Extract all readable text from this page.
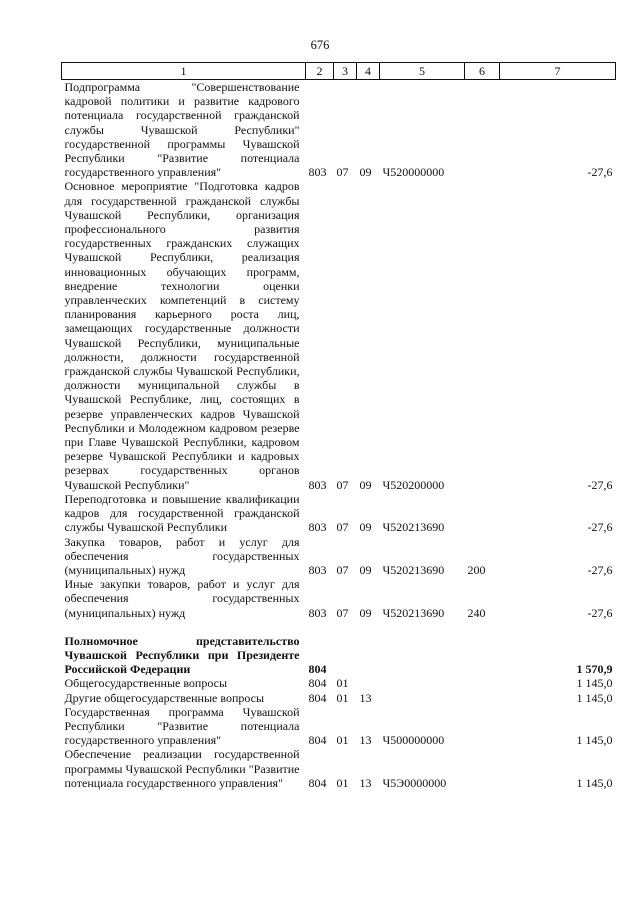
676
1	2	3	4	5	6	7
Подпрограмма "Совершенствование кадровой политики и развитие кадрового потенциала государственной гражданской службы Чувашской Республики" государственной программы Чувашской Республики "Развитие потенциала государственного управления"	803	07	09	Ч520000000		-27,6
Основное мероприятие "Подготовка кадров для государственной гражданской службы Чувашской Республики, организация профессионального развития государственных гражданских служащих Чувашской Республики, реализация инновационных обучающих программ, внедрение технологии оценки управленческих компетенций в систему планирования карьерного роста лиц, замещающих государственные должности Чувашской Республики, муниципальные должности, должности государственной гражданской службы Чувашской Республики, должности муниципальной службы в Чувашской Республике, лиц, состоящих в резерве управленческих кадров Чувашской Республики и Молодежном кадровом резерве при Главе Чувашской Республики, кадровом резерве Чувашской Республики и кадровых резервах государственных органов Чувашской Республики"	803	07	09	Ч520200000		-27,6
Переподготовка и повышение квалификации кадров для государственной гражданской службы Чувашской Республики	803	07	09	Ч520213690		-27,6
Закупка товаров, работ и услуг для обеспечения государственных (муниципальных) нужд	803	07	09	Ч520213690	200	-27,6
Иные закупки товаров, работ и услуг для обеспечения государственных (муниципальных) нужд	803	07	09	Ч520213690	240	-27,6

Полномочное представительство Чувашской Республики при Президенте Российской Федерации	804					1 570,9
Общегосударственные вопросы	804	01				1 145,0
Другие общегосударственные вопросы	804	01	13			1 145,0
Государственная программа Чувашской Республики "Развитие потенциала государственного управления"	804	01	13	Ч500000000		1 145,0
Обеспечение реализации государственной программы Чувашской Республики "Развитие потенциала государственного управления"	804	01	13	Ч5Э0000000		1 145,0
